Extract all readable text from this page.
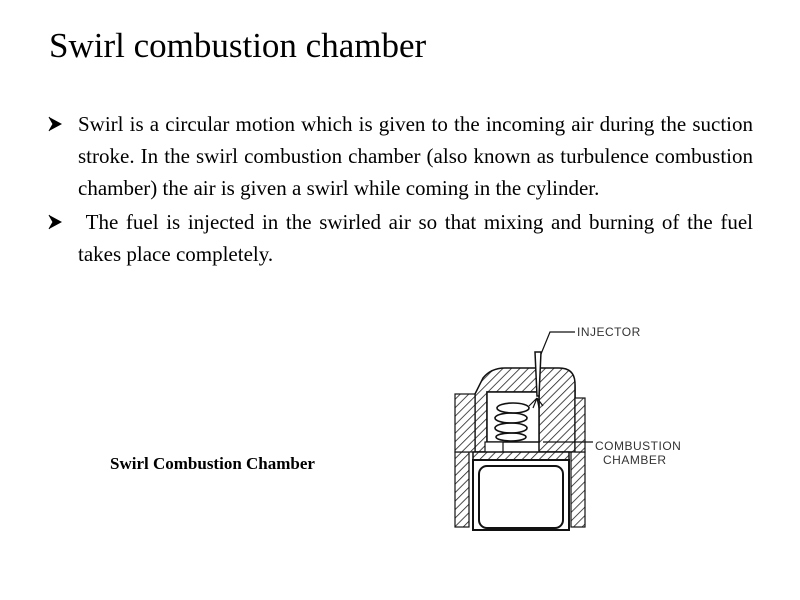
Swirl combustion chamber
Swirl is a circular motion which is given to the incoming air during the suction stroke. In the swirl combustion chamber (also known as turbulence combustion chamber) the air is given a swirl while coming in the cylinder.
The fuel is injected in the swirled air so that mixing and burning of the fuel takes place completely.
Swirl Combustion Chamber
INJECTOR
COMBUSTION
CHAMBER
